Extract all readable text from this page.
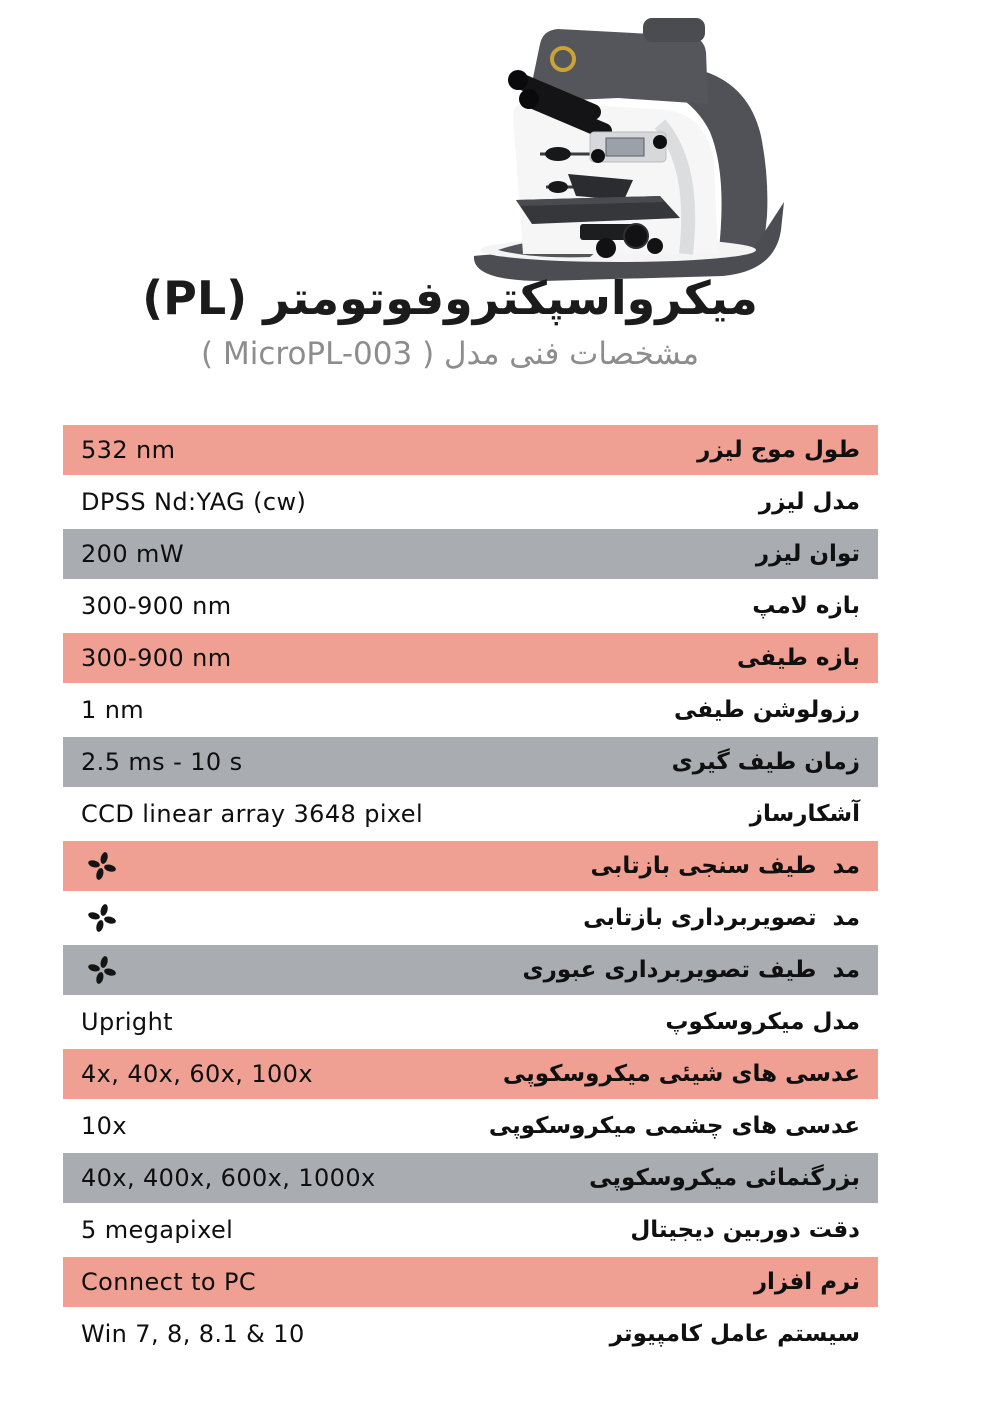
میکرواسپکتروفوتومتر (PL)
مشخصات فنی مدل ( MicroPL-003 )
532 nm	طول موج لیزر
DPSS Nd:YAG (cw)	مدل لیزر
200 mW	توان لیزر
300-900 nm	بازه لامپ
300-900 nm	بازه طیفی
1 nm	رزولوشن طیفی
2.5 ms - 10 s	زمان طیف گیری
CCD linear array 3648 pixel	آشکارساز
مد  طیف سنجی بازتابی
مد  تصویربرداری بازتابی
مد  طیف تصویربرداری عبوری
Upright	مدل میکروسکوپ
4x, 40x, 60x, 100x	عدسی های شیئی میکروسکوپی
10x	عدسی های چشمی میکروسکوپی
40x, 400x, 600x, 1000x	بزرگنمائی میکروسکوپی
5 megapixel	دقت دوربین دیجیتال
Connect to PC	نرم افزار
Win 7, 8, 8.1 & 10	سیستم عامل کامپیوتر
